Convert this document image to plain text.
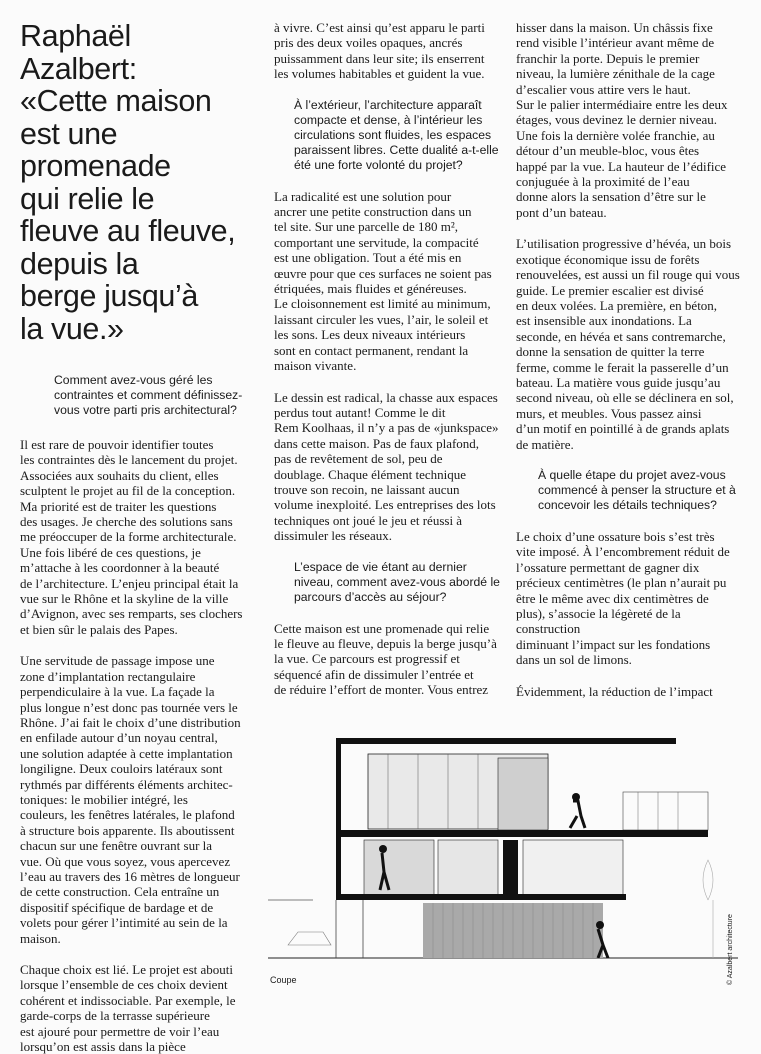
Raphaël Azalbert:
«Cette maison
est une
promenade
qui relie le
fleuve au fleuve,
depuis la
berge jusqu’à
la vue.»

Comment avez-vous géré les contraintes et comment définissez-vous votre parti pris architectural?

Il est rare de pouvoir identifier toutes
les contraintes dès le lancement du projet.
Associées aux souhaits du client, elles
sculptent le projet au fil de la conception.
Ma priorité est de traiter les questions
des usages. Je cherche des solutions sans
me préoccuper de la forme architecturale.
Une fois libéré de ces questions, je
m’attache à les coordonner à la beauté
de l’architecture. L’enjeu principal était la
vue sur le Rhône et la skyline de la ville
d’Avignon, avec ses remparts, ses clochers
et bien sûr le palais des Papes.

Une servitude de passage impose une
zone d’implantation rectangulaire
perpendiculaire à la vue. La façade la
plus longue n’est donc pas tournée vers le
Rhône. J’ai fait le choix d’une distribution
en enfilade autour d’un noyau central,
une solution adaptée à cette implantation
longiligne. Deux couloirs latéraux sont
rythmés par différents éléments architec-
toniques: le mobilier intégré, les
couleurs, les fenêtres latérales, le plafond
à structure bois apparente. Ils aboutissent
chacun sur une fenêtre ouvrant sur la
vue. Où que vous soyez, vous apercevez
l’eau au travers des 16 mètres de longueur
de cette construction. Cela entraîne un
dispositif spécifique de bardage et de
volets pour gérer l’intimité au sein de la
maison.

Chaque choix est lié. Le projet est abouti
lorsque l’ensemble de ces choix devient
cohérent et indissociable. Par exemple, le
garde-corps de la terrasse supérieure
est ajouré pour permettre de voir l’eau
lorsqu’on est assis dans la pièce

à vivre. C’est ainsi qu’est apparu le parti
pris des deux voiles opaques, ancrés
puissamment dans leur site; ils enserrent
les volumes habitables et guident la vue.

À l’extérieur, l’architecture apparaît compacte et dense, à l’intérieur les circulations sont fluides, les espaces paraissent libres. Cette dualité a-t-elle été une forte volonté du projet?

La radicalité est une solution pour
ancrer une petite construction dans un
tel site. Sur une parcelle de 180 m²,
comportant une servitude, la compacité
est une obligation. Tout a été mis en
œuvre pour que ces surfaces ne soient pas
étriquées, mais fluides et généreuses.
Le cloisonnement est limité au minimum,
laissant circuler les vues, l’air, le soleil et
les sons. Les deux niveaux intérieurs
sont en contact permanent, rendant la
maison vivante.

Le dessin est radical, la chasse aux espaces
perdus tout autant! Comme le dit
Rem Koolhaas, il n’y a pas de «junkspace»
dans cette maison. Pas de faux plafond,
pas de revêtement de sol, peu de
doublage. Chaque élément technique
trouve son recoin, ne laissant aucun
volume inexploité. Les entreprises des lots
techniques ont joué le jeu et réussi à
dissimuler les réseaux.

L’espace de vie étant au dernier niveau, comment avez-vous abordé le parcours d’accès au séjour?

Cette maison est une promenade qui relie
le fleuve au fleuve, depuis la berge jusqu’à
la vue. Ce parcours est progressif et
séquencé afin de dissimuler l’entrée et
de réduire l’effort de monter. Vous entrez

hisser dans la maison. Un châssis fixe
rend visible l’intérieur avant même de
franchir la porte. Depuis le premier
niveau, la lumière zénithale de la cage
d’escalier vous attire vers le haut.
Sur le palier intermédiaire entre les deux
étages, vous devinez le dernier niveau.
Une fois la dernière volée franchie, au
détour d’un meuble-bloc, vous êtes
happé par la vue. La hauteur de l’édifice
conjuguée à la proximité de l’eau
donne alors la sensation d’être sur le
pont d’un bateau.

L’utilisation progressive d’hévéa, un bois
exotique économique issu de forêts
renouvelées, est aussi un fil rouge qui vous
guide. Le premier escalier est divisé
en deux volées. La première, en béton,
est insensible aux inondations. La
seconde, en hévéa et sans contremarche,
donne la sensation de quitter la terre
ferme, comme le ferait la passerelle d’un
bateau. La matière vous guide jusqu’au
second niveau, où elle se déclinera en sol,
murs, et meubles. Vous passez ainsi
d’un motif en pointillé à de grands aplats
de matière.

À quelle étape du projet avez-vous commencé à penser la structure et à concevoir les détails techniques?

Le choix d’une ossature bois s’est très
vite imposé. À l’encombrement réduit de
l’ossature permettant de gagner dix
précieux centimètres (le plan n’aurait pu
être le même avec dix centimètres de
plus), s’associe la légèreté de la construction
diminuant l’impact sur les fondations
dans un sol de limons.

Évidemment, la réduction de l’impact

Coupe	© Azalbert architecture
